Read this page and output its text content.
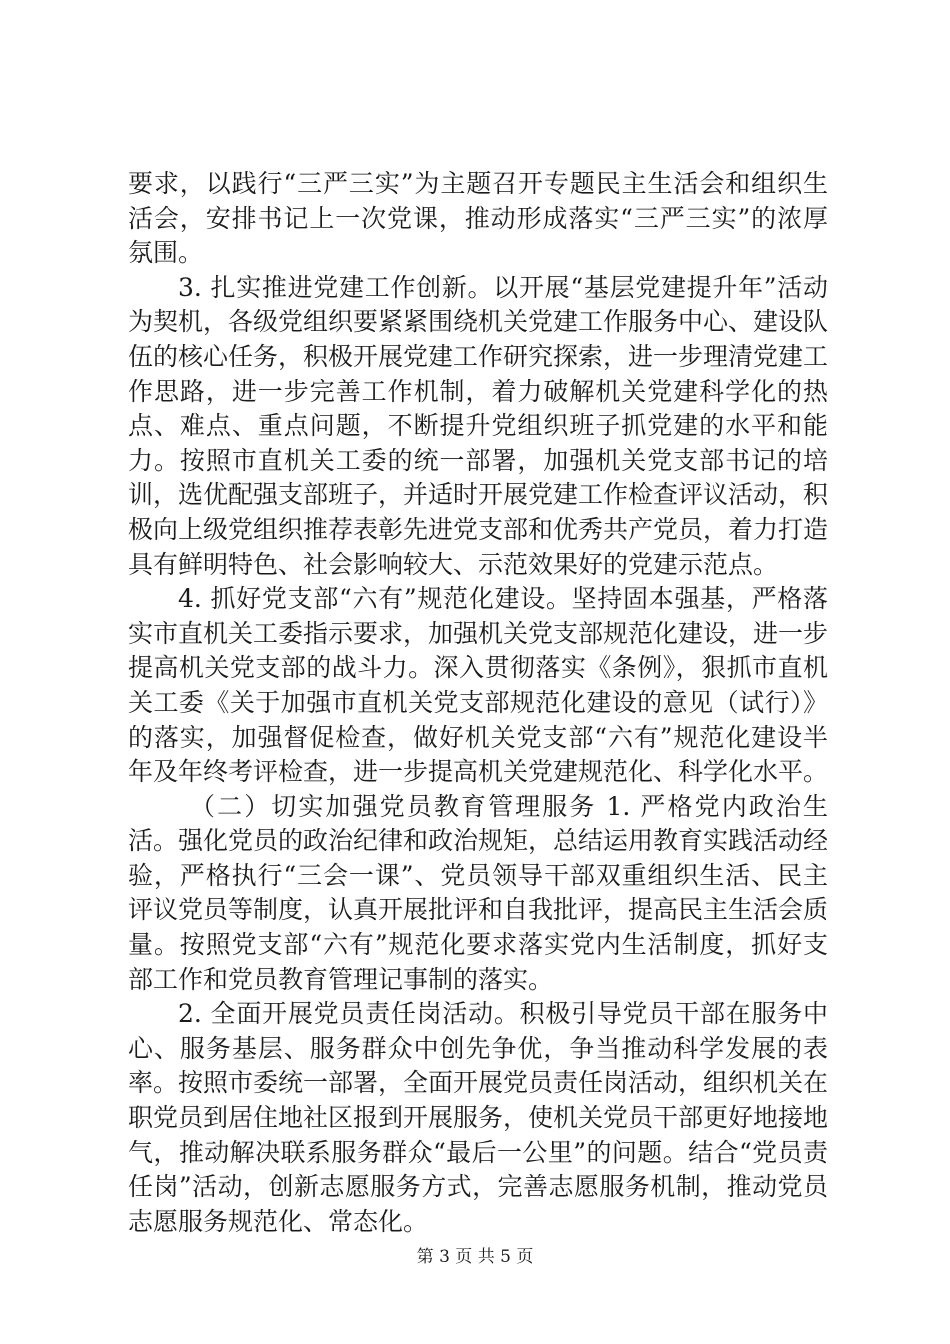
要求，以践行“三严三实”为主题召开专题民主生活会和组织生活会，安排书记上一次党课，推动形成落实“三严三实”的浓厚氛围。

3. 扎实推进党建工作创新。以开展“基层党建提升年”活动为契机，各级党组织要紧紧围绕机关党建工作服务中心、建设队伍的核心任务，积极开展党建工作研究探索，进一步理清党建工作思路，进一步完善工作机制，着力破解机关党建科学化的热点、难点、重点问题，不断提升党组织班子抓党建的水平和能力。按照市直机关工委的统一部署，加强机关党支部书记的培训，选优配强支部班子，并适时开展党建工作检查评议活动，积极向上级党组织推荐表彰先进党支部和优秀共产党员，着力打造具有鲜明特色、社会影响较大、示范效果好的党建示范点。

4. 抓好党支部“六有”规范化建设。坚持固本强基，严格落实市直机关工委指示要求，加强机关党支部规范化建设，进一步提高机关党支部的战斗力。深入贯彻落实《条例》，狠抓市直机关工委《关于加强市直机关党支部规范化建设的意见（试行）》的落实，加强督促检查，做好机关党支部“六有”规范化建设半年及年终考评检查，进一步提高机关党建规范化、科学化水平。

（二）切实加强党员教育管理服务 1. 严格党内政治生活。强化党员的政治纪律和政治规矩，总结运用教育实践活动经验，严格执行“三会一课”、党员领导干部双重组织生活、民主评议党员等制度，认真开展批评和自我批评，提高民主生活会质量。按照党支部“六有”规范化要求落实党内生活制度，抓好支部工作和党员教育管理记事制的落实。

2. 全面开展党员责任岗活动。积极引导党员干部在服务中心、服务基层、服务群众中创先争优，争当推动科学发展的表率。按照市委统一部署，全面开展党员责任岗活动，组织机关在职党员到居住地社区报到开展服务，使机关党员干部更好地接地气，推动解决联系服务群众“最后一公里”的问题。结合“党员责任岗”活动，创新志愿服务方式，完善志愿服务机制，推动党员志愿服务规范化、常态化。

第 3 页 共 5 页
